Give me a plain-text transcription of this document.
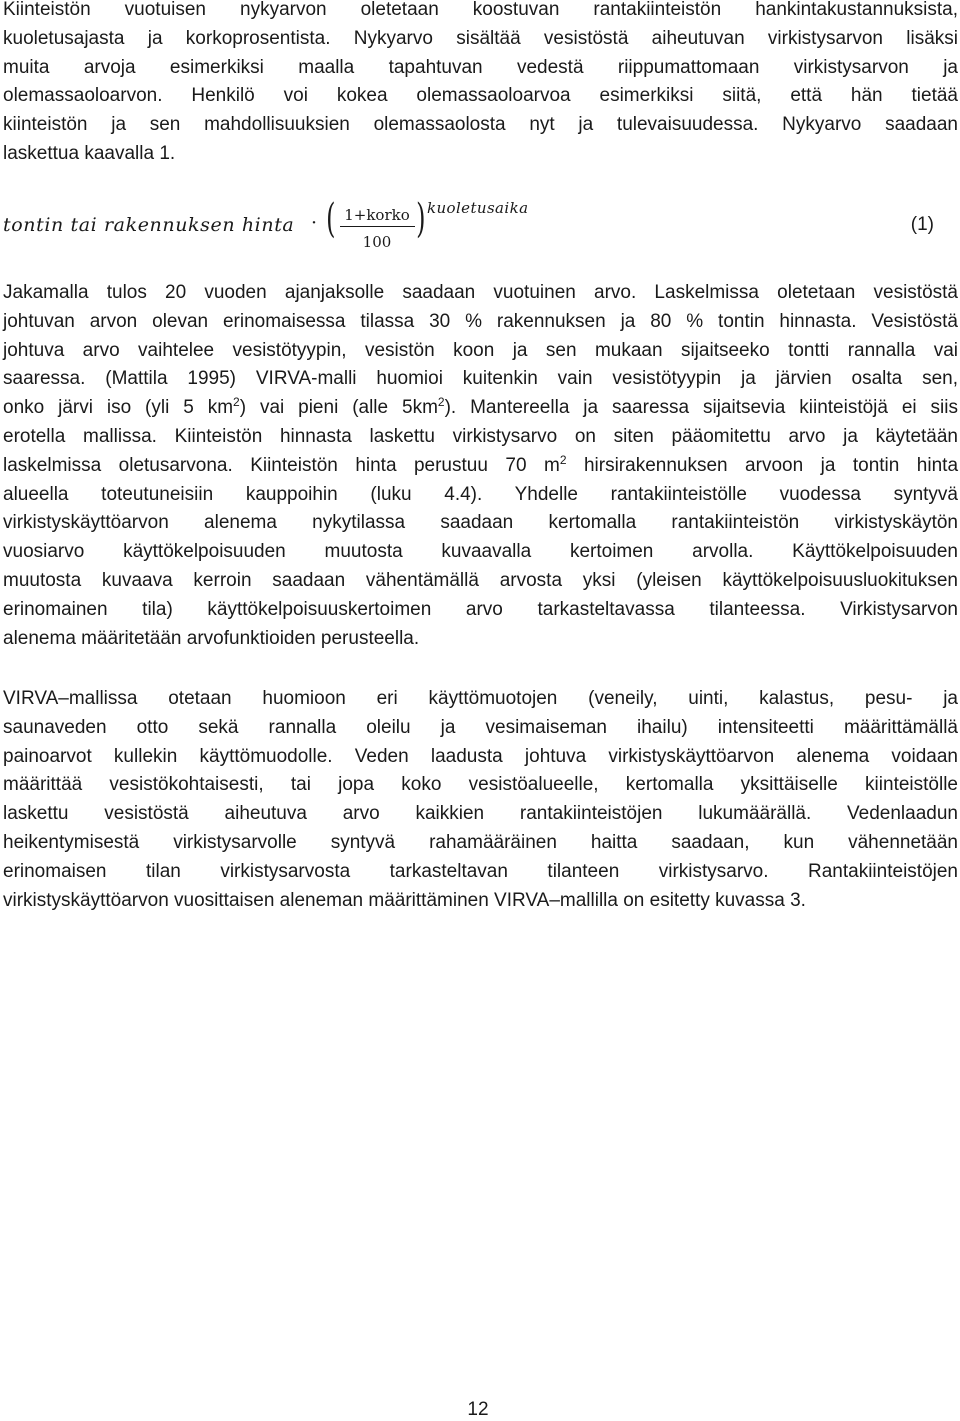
Kiinteistön vuotuisen nykyarvon oletetaan koostuvan rantakiinteistön hankintakustannuksista,
kuoletusajasta ja korkoprosentista. Nykyarvo sisältää vesistöstä aiheutuvan virkistysarvon lisäksi
muita arvoja esimerkiksi maalla tapahtuvan vedestä riippumattomaan virkistysarvon ja
olemassaoloarvon. Henkilö voi kokea olemassaoloarvoa esimerkiksi siitä, että hän tietää
kiinteistön ja sen mahdollisuuksien olemassaolosta nyt ja tulevaisuudessa. Nykyarvo saadaan
laskettua kaavalla 1.
tontin tai rakennuksen hinta · ( 1+korko
100 ) kuoletusaika
(1)
Jakamalla tulos 20 vuoden ajanjaksolle saadaan vuotuinen arvo. Laskelmissa oletetaan vesistöstä
johtuvan arvon olevan erinomaisessa tilassa 30 % rakennuksen ja 80 % tontin hinnasta. Vesistöstä
johtuva arvo vaihtelee vesistötyypin, vesistön koon ja sen mukaan sijaitseeko tontti rannalla vai
saaressa. (Mattila 1995) VIRVA-malli huomioi kuitenkin vain vesistötyypin ja järvien osalta sen,
onko järvi iso (yli 5 $km^2$) vai pieni (alle $5km^2$). Mantereella ja saaressa sijaitsevia kiinteistöjä ei siis
erotella mallissa. Kiinteistön hinnasta laskettu virkistysarvo on siten pääomitettu arvo ja käytetään
laskelmissa oletusarvona. Kiinteistön hinta perustuu 70 $m^2$ hirsirakennuksen arvoon ja tontin hinta
alueella toteutuneisiin kauppoihin (luku 4.4). Yhdelle rantakiinteistölle vuodessa syntyvä
virkistyskäyttöarvon alenema nykytilassa saadaan kertomalla rantakiinteistön virkistyskäytön
vuosiarvo käyttökelpoisuuden muutosta kuvaavalla kertoimen arvolla. Käyttökelpoisuuden
muutosta kuvaava kerroin saadaan vähentämällä arvosta yksi (yleisen käyttökelpoisuusluokituksen
erinomainen tila) käyttökelpoisuuskertoimen arvo tarkasteltavassa tilanteessa. Virkistysarvon
alenema määritetään arvofunktioiden perusteella.
VIRVA–mallissa otetaan huomioon eri käyttömuotojen (veneily, uinti, kalastus, pesu- ja
saunaveden otto sekä rannalla oleilu ja vesimaiseman ihailu) intensiteetti määrittämällä
painoarvot kullekin käyttömuodolle. Veden laadusta johtuva virkistyskäyttöarvon alenema voidaan
määrittää vesistökohtaisesti, tai jopa koko vesistöalueelle, kertomalla yksittäiselle kiinteistölle
laskettu vesistöstä aiheutuva arvo kaikkien rantakiinteistöjen lukumäärällä. Vedenlaadun
heikentymisestä virkistysarvolle syntyvä rahamääräinen haitta saadaan, kun vähennetään
erinomaisen tilan virkistysarvosta tarkasteltavan tilanteen virkistysarvo. Rantakiinteistöjen
virkistyskäyttöarvon vuosittaisen aleneman määrittäminen VIRVA–mallilla on esitetty kuvassa 3.
12
